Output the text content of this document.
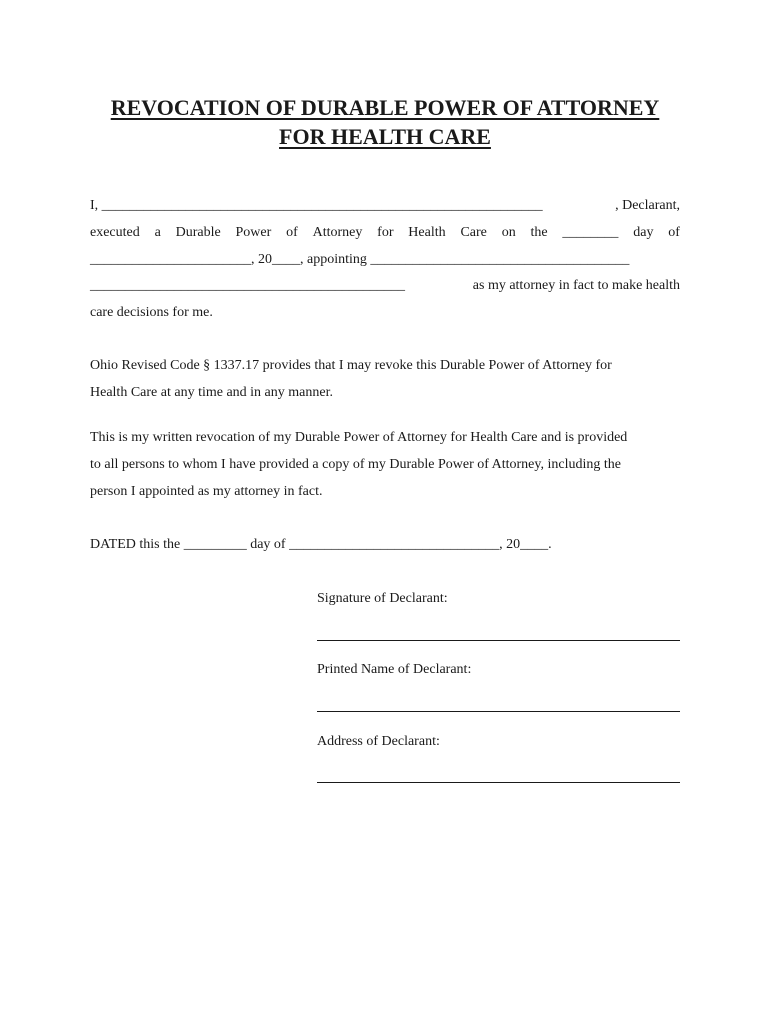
REVOCATION OF DURABLE POWER OF ATTORNEY
FOR HEALTH CARE
I, _______________________________________________________________	, Declarant,
executed a Durable Power of Attorney for Health Care on the ________ day of
_______________________, 20____, appointing _____________________________________
_____________________________________________	as my attorney in fact to make health
care decisions for me.
Ohio Revised Code § 1337.17 provides that I may revoke this Durable Power of Attorney for
Health Care at any time and in any manner.
This is my written revocation of my Durable Power of Attorney for Health Care and is provided
to all persons to whom I have provided a copy of my Durable Power of Attorney, including the
person I appointed as my attorney in fact.
DATED this the _________ day of ______________________________, 20____.
Signature of Declarant:
Printed Name of Declarant:
Address of Declarant:
